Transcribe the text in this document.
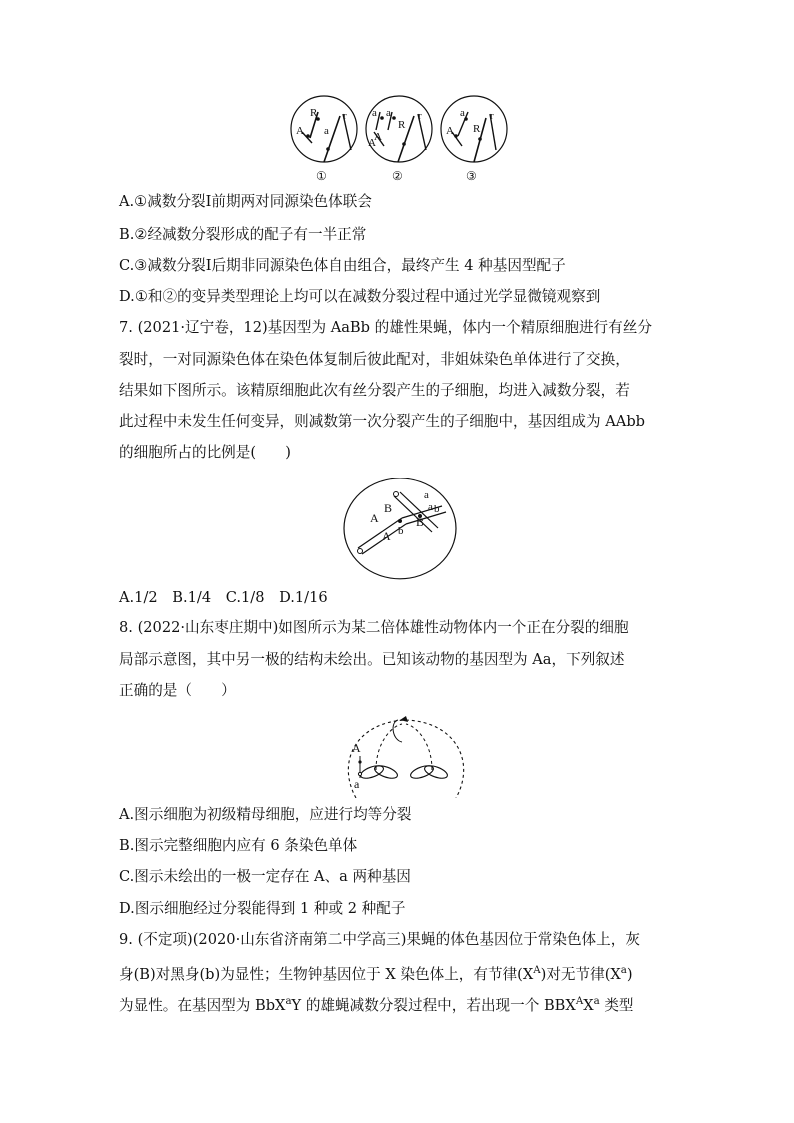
R
A a
r
①
a a
R
A
A
r
②
a
A R
r
③
A.①减数分裂Ⅰ前期两对同源染色体联会
B.②经减数分裂形成的配子有一半正常
C.③减数分裂Ⅰ后期非同源染色体自由组合，最终产生 4 种基因型配子
D.①和②的变异类型理论上均可以在减数分裂过程中通过光学显微镜观察到
7. (2021·辽宁卷，12)基因型为 AaBb 的雄性果蝇，体内一个精原细胞进行有丝分
裂时，一对同源染色体在染色体复制后彼此配对，非姐妹染色单体进行了交换，
结果如下图所示。该精原细胞此次有丝分裂产生的子细胞，均进入减数分裂，若
此过程中未发生任何变异，则减数第一次分裂产生的子细胞中，基因组成为 AAbb
的细胞所占的比例是(　　)
a
a
B	b
A
b
B
A
A.1/2　B.1/4　C.1/8　D.1/16
8. (2022·山东枣庄期中)如图所示为某二倍体雄性动物体内一个正在分裂的细胞
局部示意图，其中另一极的结构未绘出。已知该动物的基因型为 Aa，下列叙述
正确的是（　　）
A
a
A.图示细胞为初级精母细胞，应进行均等分裂
B.图示完整细胞内应有 6 条染色单体
C.图示未绘出的一极一定存在 A、a 两种基因
D.图示细胞经过分裂能得到 1 种或 2 种配子
9. (不定项)(2020·山东省济南第二中学高三)果蝇的体色基因位于常染色体上，灰
身(B)对黑身(b)为显性；生物钟基因位于 X 染色体上，有节律$(X^A)$对无节律$(X^a)$
为显性。在基因型为 BbX$^a$Y 的雄蝇减数分裂过程中，若出现一个 $BBX^AX^a$ 类型
